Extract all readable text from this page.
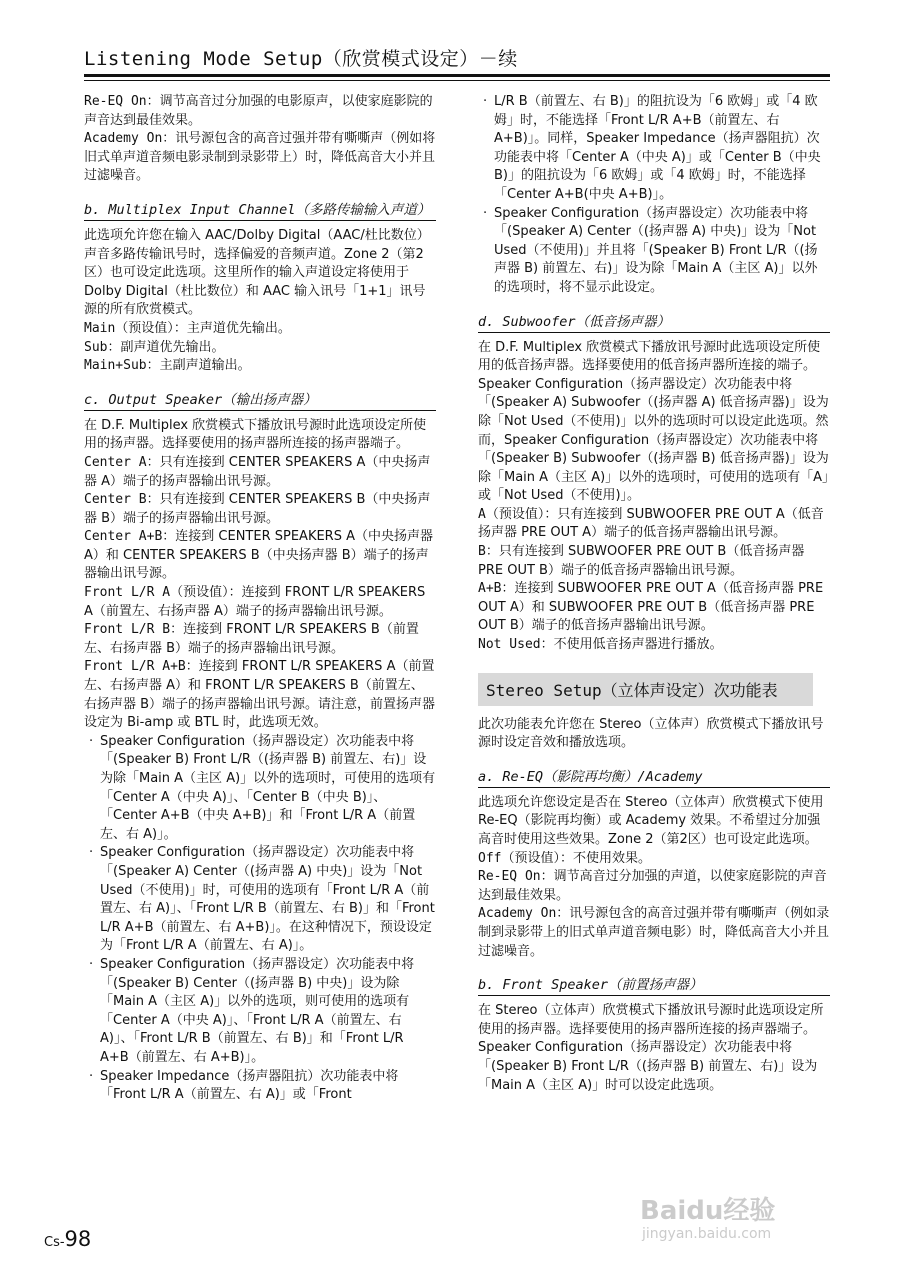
Listening Mode Setup（欣赏模式设定）－续

Re-EQ On：调节高音过分加强的电影原声，以使家庭影院的声音达到最佳效果。

Academy On：讯号源包含的高音过强并带有嘶嘶声（例如将旧式单声道音频电影录制到录影带上）时，降低高音大小并且过滤噪音。

b. Multiplex Input Channel（多路传输输入声道）

此选项允许您在输入 AAC/Dolby Digital（AAC/杜比数位）声音多路传输讯号时，选择偏爱的音频声道。Zone 2（第2区）也可设定此选项。这里所作的输入声道设定将使用于 Dolby Digital（杜比数位）和 AAC 输入讯号「1+1」讯号源的所有欣赏模式。

Main（预设值）：主声道优先输出。

Sub：副声道优先输出。

Main+Sub：主副声道输出。

c. Output Speaker（输出扬声器）

在 D.F. Multiplex 欣赏模式下播放讯号源时此选项设定所使用的扬声器。选择要使用的扬声器所连接的扬声器端子。

Center A：只有连接到 CENTER SPEAKERS A（中央扬声器 A）端子的扬声器输出讯号源。

Center B：只有连接到 CENTER SPEAKERS B（中央扬声器 B）端子的扬声器输出讯号源。

Center A+B：连接到 CENTER SPEAKERS A（中央扬声器 A）和 CENTER SPEAKERS B（中央扬声器 B）端子的扬声器输出讯号源。

Front L/R A（预设值）：连接到 FRONT L/R SPEAKERS A（前置左、右扬声器 A）端子的扬声器输出讯号源。

Front L/R B：连接到 FRONT L/R SPEAKERS B（前置左、右扬声器 B）端子的扬声器输出讯号源。

Front L/R A+B：连接到 FRONT L/R SPEAKERS A（前置左、右扬声器 A）和 FRONT L/R SPEAKERS B（前置左、右扬声器 B）端子的扬声器输出讯号源。请注意，前置扬声器设定为 Bi-amp 或 BTL 时，此选项无效。

· Speaker Configuration（扬声器设定）次功能表中将「(Speaker B) Front L/R（(扬声器 B) 前置左、右)」设为除「Main A（主区 A)」以外的选项时，可使用的选项有「Center A（中央 A)」、「Center B（中央 B)」、「Center A+B（中央 A+B)」和「Front L/R A（前置左、右 A)」。
· Speaker Configuration（扬声器设定）次功能表中将「(Speaker A) Center（(扬声器 A) 中央)」设为「Not Used（不使用)」时，可使用的选项有「Front L/R A（前置左、右 A)」、「Front L/R B（前置左、右 B)」和「Front L/R A+B（前置左、右 A+B)」。在这种情况下，预设设定为「Front L/R A（前置左、右 A)」。
· Speaker Configuration（扬声器设定）次功能表中将「(Speaker B) Center（(扬声器 B) 中央)」设为除「Main A（主区 A)」以外的选项，则可使用的选项有「Center A（中央 A)」、「Front L/R A（前置左、右 A)」、「Front L/R B（前置左、右 B)」和「Front L/R A+B（前置左、右 A+B)」。
· Speaker Impedance（扬声器阻抗）次功能表中将「Front L/R A（前置左、右 A)」或「Front
· L/R B（前置左、右 B)」的阻抗设为「6 欧姆」或「4 欧姆」时，不能选择「Front L/R A+B（前置左、右 A+B)」。同样，Speaker Impedance（扬声器阻抗）次功能表中将「Center A（中央 A)」或「Center B（中央 B)」的阻抗设为「6 欧姆」或「4 欧姆」时，不能选择「Center A+B(中央 A+B)」。
· Speaker Configuration（扬声器设定）次功能表中将「(Speaker A) Center（(扬声器 A) 中央)」设为「Not Used（不使用)」并且将「(Speaker B) Front L/R（(扬声器 B) 前置左、右)」设为除「Main A（主区 A)」以外的选项时，将不显示此设定。
d. Subwoofer（低音扬声器）

在 D.F. Multiplex 欣赏模式下播放讯号源时此选项设定所使用的低音扬声器。选择要使用的低音扬声器所连接的端子。Speaker Configuration（扬声器设定）次功能表中将「(Speaker A) Subwoofer（(扬声器 A) 低音扬声器)」设为除「Not Used（不使用)」以外的选项时可以设定此选项。然而，Speaker Configuration（扬声器设定）次功能表中将「(Speaker B) Subwoofer（(扬声器 B) 低音扬声器)」设为除「Main A（主区 A)」以外的选项时，可使用的选项有「A」或「Not Used（不使用)」。

A（预设值）：只有连接到 SUBWOOFER PRE OUT A（低音扬声器 PRE OUT A）端子的低音扬声器输出讯号源。

B：只有连接到 SUBWOOFER PRE OUT B（低音扬声器 PRE OUT B）端子的低音扬声器输出讯号源。

A+B：连接到 SUBWOOFER PRE OUT A（低音扬声器 PRE OUT A）和 SUBWOOFER PRE OUT B（低音扬声器 PRE OUT B）端子的低音扬声器输出讯号源。

Not Used：不使用低音扬声器进行播放。

Stereo Setup（立体声设定）次功能表

此次功能表允许您在 Stereo（立体声）欣赏模式下播放讯号源时设定音效和播放选项。

a. Re-EQ（影院再均衡）/Academy

此选项允许您设定是否在 Stereo（立体声）欣赏模式下使用 Re-EQ（影院再均衡）或 Academy 效果。不希望过分加强高音时使用这些效果。Zone 2（第2区）也可设定此选项。

Off（预设值）：不使用效果。

Re-EQ On：调节高音过分加强的声道，以使家庭影院的声音达到最佳效果。

Academy On：讯号源包含的高音过强并带有嘶嘶声（例如录制到录影带上的旧式单声道音频电影）时，降低高音大小并且过滤噪音。

b. Front Speaker（前置扬声器）

在 Stereo（立体声）欣赏模式下播放讯号源时此选项设定所使用的扬声器。选择要使用的扬声器所连接的扬声器端子。Speaker Configuration（扬声器设定）次功能表中将「(Speaker B) Front L/R（(扬声器 B) 前置左、右)」设为「Main A（主区 A)」时可以设定此选项。

Cs-98
Baidu经验
jingyan.baidu.com
